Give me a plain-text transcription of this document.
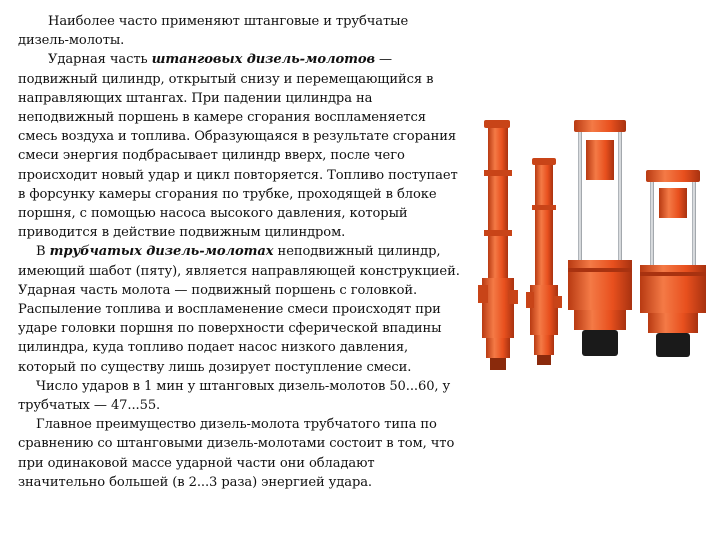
Наиболее часто применяют штанговые и трубчатые дизель-молоты.

Ударная часть штанговых дизель-молотов — подвижный цилиндр, открытый снизу и перемещающийся в направляющих штангах. При падении цилиндра на неподвижный поршень в камере сгорания воспламеняется смесь воздуха и топлива. Образующаяся в результате сгорания смеси энергия подбрасывает цилиндр вверх, после чего происходит новый удар и цикл повторяется. Топливо поступает в форсунку камеры сгорания по трубке, проходящей в блоке поршня, с помощью насоса высокого давления, который приводится в действие подвижным цилиндром.

В трубчатых дизель-молотах неподвижный цилиндр, имеющий шабот (пяту), является направляющей конструкцией. Ударная часть молота — подвижный поршень с головкой. Распыление топлива и воспламенение смеси происходят при ударе головки поршня по поверхности сферической впадины цилиндра, куда топливо подает насос низкого давления, который по существу лишь дозирует поступление смеси.

Число ударов в 1 мин у штанговых дизель-молотов 50...60, у трубчатых — 47...55.

Главное преимущество дизель-молота трубчатого типа по сравнению со штанговыми дизель-молотами состоит в том, что при одинаковой массе ударной части они обладают значительно большей (в 2...3 раза) энергией удара.
